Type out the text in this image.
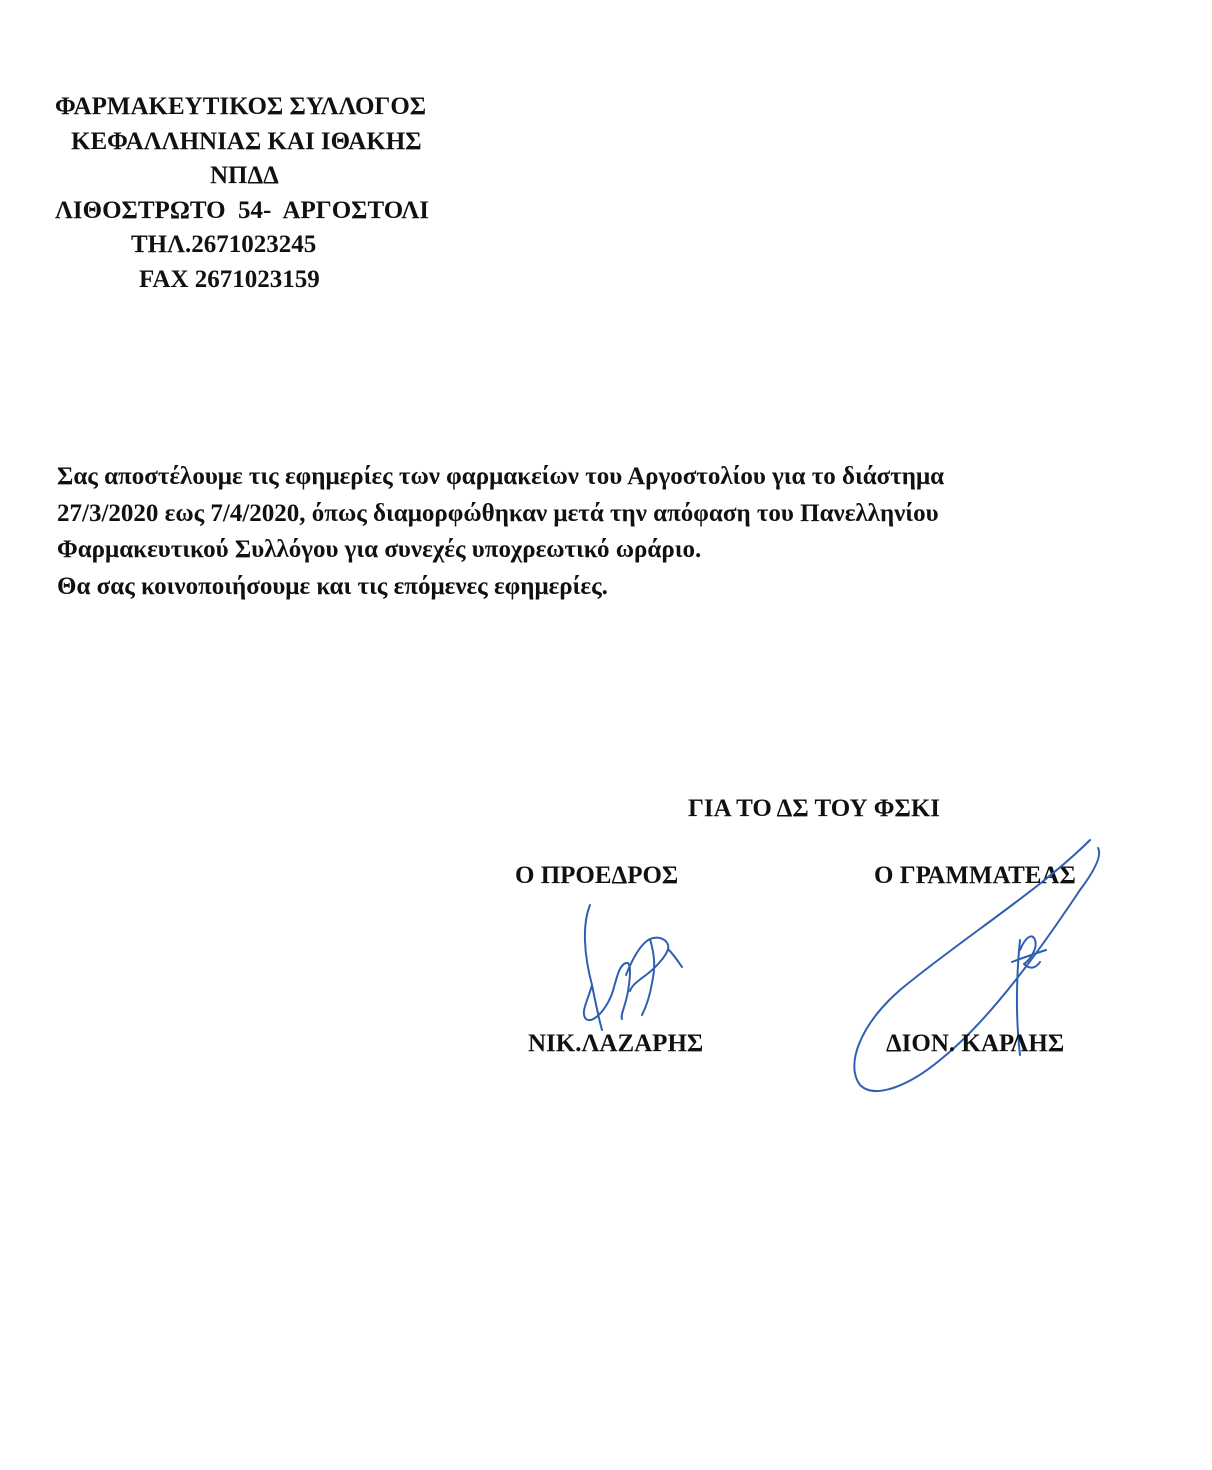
ΦΑΡΜΑΚΕΥΤΙΚΟΣ ΣΥΛΛΟΓΟΣ
ΚΕΦΑΛΛΗΝΙΑΣ ΚΑΙ ΙΘΑΚΗΣ
ΝΠΔΔ
ΛΙΘΟΣΤΡΩΤΟ  54-  ΑΡΓΟΣΤΟΛΙ
ΤΗΛ.2671023245
FAX 2671023159

Σας αποστέλουμε τις εφημερίες των φαρμακείων του Αργοστολίου για το διάστημα

27/3/2020 εως 7/4/2020, όπως διαμορφώθηκαν μετά την απόφαση του Πανελληνίου

Φαρμακευτικού Συλλόγου για συνεχές υποχρεωτικό ωράριο.

Θα σας κοινοποιήσουμε και τις επόμενες εφημερίες.

ΓΙΑ ΤΟ ΔΣ ΤΟΥ ΦΣΚΙ
Ο ΠΡΟΕΔΡΟΣ	Ο ΓΡΑΜΜΑΤΕΑΣ
ΝΙΚ.ΛΑΖΑΡΗΣ	ΔΙΟΝ. ΚΑΡΛΗΣ
